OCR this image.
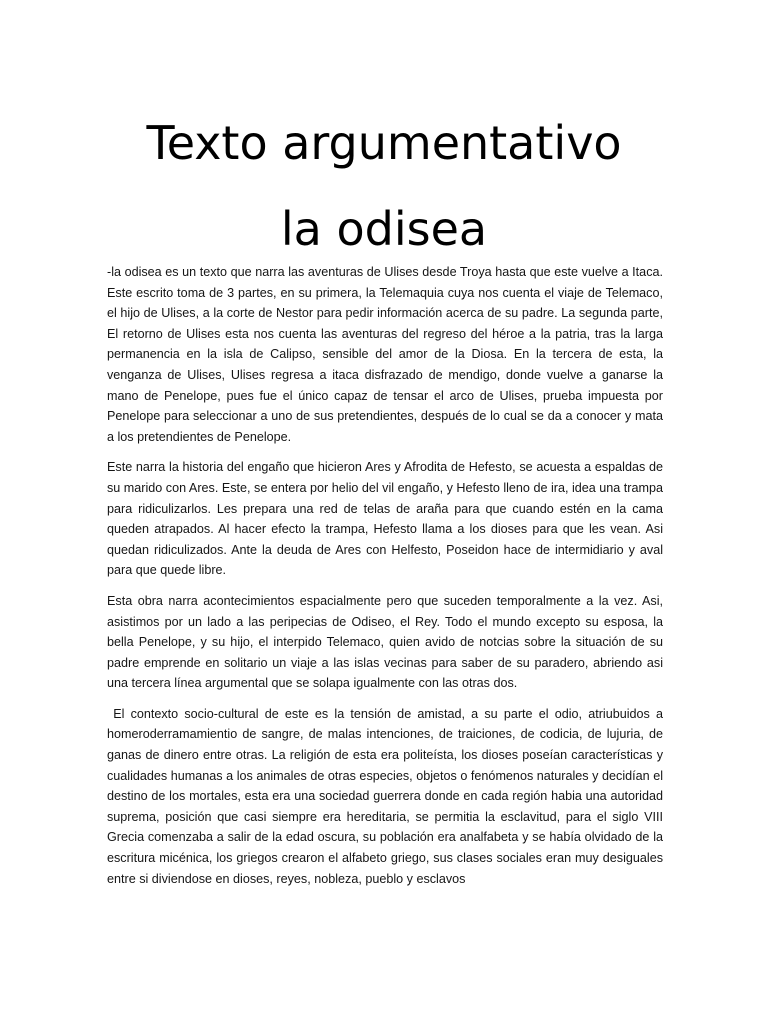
Texto argumentativo
la odisea

-la odisea es un texto que narra las aventuras de Ulises desde Troya hasta que este vuelve a Itaca. Este escrito toma de 3 partes, en su primera, la Telemaquia cuya nos cuenta el viaje de Telemaco, el hijo de Ulises, a la corte de Nestor para pedir información acerca de su padre. La segunda parte, El retorno de Ulises esta nos cuenta las aventuras del regreso del héroe a la patria, tras la larga permanencia en la isla de Calipso, sensible del amor de la Diosa. En la tercera de esta, la venganza de Ulises, Ulises regresa a itaca disfrazado de mendigo, donde vuelve a ganarse la mano de Penelope, pues fue el único capaz de tensar el arco de Ulises, prueba impuesta por Penelope para seleccionar a uno de sus pretendientes, después de lo cual se da a conocer y mata a los pretendientes de Penelope.

Este narra la historia del engaño que hicieron Ares y Afrodita de Hefesto, se acuesta a espaldas de su marido con Ares. Este, se entera por helio del vil engaño, y Hefesto lleno de ira, idea una trampa para ridiculizarlos. Les prepara una red de telas de araña para que cuando estén en la cama queden atrapados. Al hacer efecto la trampa, Hefesto llama a los dioses para que les vean. Asi quedan ridiculizados. Ante la deuda de Ares con Helfesto, Poseidon hace de intermidiario y aval para que quede libre.

Esta obra narra acontecimientos espacialmente pero que suceden temporalmente a la vez. Asi, asistimos por un lado a las peripecias de Odiseo, el Rey. Todo el mundo excepto su esposa, la bella Penelope, y su hijo, el interpido Telemaco, quien avido de notcias sobre la situación de su padre emprende en solitario un viaje a las islas vecinas para saber de su paradero, abriendo asi una tercera línea argumental que se solapa igualmente con las otras dos.

El contexto socio-cultural de este es la tensión de amistad, a su parte el odio, atriubuidos a homeroderramamientio de sangre, de malas intenciones, de traiciones, de codicia, de lujuria, de ganas de dinero entre otras. La religión de esta era politeísta, los dioses poseían características y cualidades humanas a los animales de otras especies, objetos o fenómenos naturales y decidían el destino de los mortales, esta era una sociedad guerrera donde en cada región habia una autoridad suprema, posición que casi siempre era hereditaria, se permitia la esclavitud, para el siglo VIII Grecia comenzaba a salir de la edad oscura, su población era analfabeta y se había olvidado de la escritura micénica, los griegos crearon el alfabeto griego, sus clases sociales eran muy desiguales entre si diviendose en dioses, reyes, nobleza, pueblo y esclavos
